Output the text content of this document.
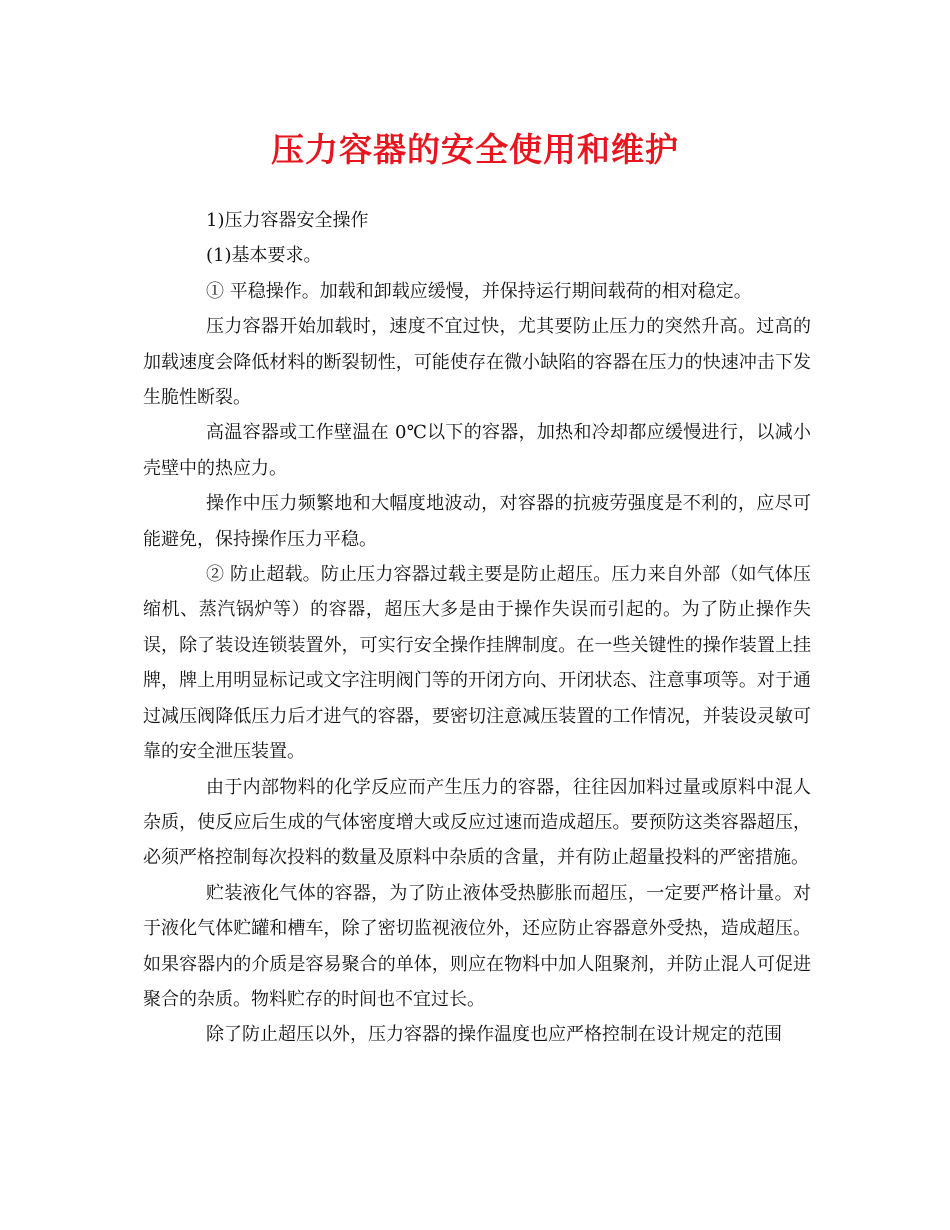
压力容器的安全使用和维护

1)压力容器安全操作

(1)基本要求。

① 平稳操作。加载和卸载应缓慢，并保持运行期间载荷的相对稳定。

压力容器开始加载时，速度不宜过快，尤其要防止压力的突然升高。过高的加载速度会降低材料的断裂韧性，可能使存在微小缺陷的容器在压力的快速冲击下发生脆性断裂。

高温容器或工作壁温在 0℃以下的容器，加热和冷却都应缓慢进行，以减小壳壁中的热应力。

操作中压力频繁地和大幅度地波动，对容器的抗疲劳强度是不利的，应尽可能避免，保持操作压力平稳。

② 防止超载。防止压力容器过载主要是防止超压。压力来自外部（如气体压缩机、蒸汽锅炉等）的容器，超压大多是由于操作失误而引起的。为了防止操作失误，除了装设连锁装置外，可实行安全操作挂牌制度。在一些关键性的操作装置上挂牌，牌上用明显标记或文字注明阀门等的开闭方向、开闭状态、注意事项等。对于通过减压阀降低压力后才进气的容器，要密切注意减压装置的工作情况，并装设灵敏可靠的安全泄压装置。

由于内部物料的化学反应而产生压力的容器，往往因加料过量或原料中混人杂质，使反应后生成的气体密度增大或反应过速而造成超压。要预防这类容器超压，必须严格控制每次投料的数量及原料中杂质的含量，并有防止超量投料的严密措施。

贮装液化气体的容器，为了防止液体受热膨胀而超压，一定要严格计量。对于液化气体贮罐和槽车，除了密切监视液位外，还应防止容器意外受热，造成超压。如果容器内的介质是容易聚合的单体，则应在物料中加人阻聚剂，并防止混人可促进聚合的杂质。物料贮存的时间也不宜过长。

除了防止超压以外，压力容器的操作温度也应严格控制在设计规定的范围
